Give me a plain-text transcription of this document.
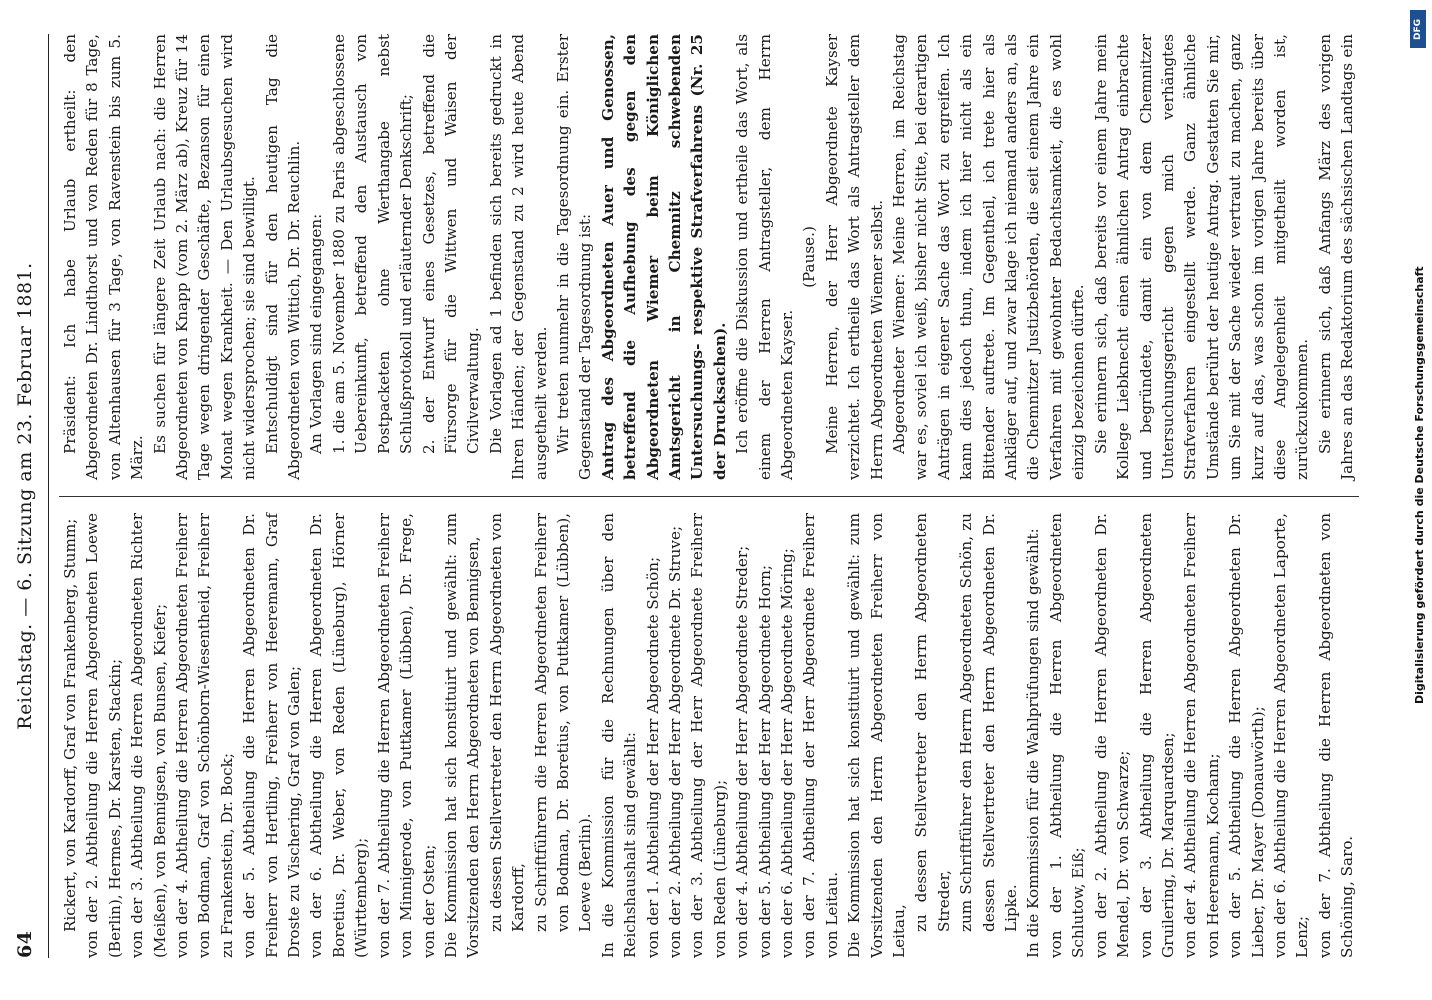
64
Reichstag. — 6. Sitzung am 23. Februar 1881. Rickert, von Kardorff, Graf von Frankenberg, Stumm; von der 2. Abtheilung die Herren Abgeordneten Loewe (Berlin), Hermes, Dr. Karsten, Stackin; von der 3. Abtheilung die Herren Abgeordneten Richter (Meißen), von Bennigsen, von Bunsen, Kiefer; von der 4. Abtheilung die Herren Abgeordneten Freiherr von Bodman, Graf von Schönborn-Wiesentheid, Freiherr zu Frankenstein, Dr. Bock; von der 5. Abtheilung die Herren Abgeordneten Dr. Freiherr von Hertling, Freiherr von Heeremann, Graf Droste zu Vischering, Graf von Galen; von der 6. Abtheilung die Herren Abgeordneten Dr. Boretius, Dr. Weber, von Reden (Lüneburg), Hörner (Württemberg); von der 7. Abtheilung die Herren Abgeordneten Freiherr von Minnigerode, von Puttkamer (Lübben), Dr. Frege, von der Osten; Die Kommission hat sich konstituirt und gewählt: zum Vorsitzenden den Herrn Abgeordneten von Bennigsen, zu dessen Stellvertreter den Herrn Abgeordneten von Kardorff, zu Schriftführern die Herren Abgeordneten Freiherr von Bodman, Dr. Boretius, von Puttkamer (Lübben), Loewe (Berlin). In die Kommission für die Rechnungen über den Reichshaushalt sind gewählt: von der 1. Abtheilung der Herr Abgeordnete Schön; von der 2. Abtheilung der Herr Abgeordnete Dr. Struve; von der 3. Abtheilung der Herr Abgeordnete Freiherr von Reden (Lüneburg); von der 4. Abtheilung der Herr Abgeordnete Streder; von der 5. Abtheilung der Herr Abgeordnete Horn; von der 6. Abtheilung der Herr Abgeordnete Möring; von der 7. Abtheilung der Herr Abgeordnete Freiherr von Leitau. Die Kommission hat sich konstituirt und gewählt: zum Vorsitzenden den Herrn Abgeordneten Freiherr von Leitau, zu dessen Stellvertreter den Herrn Abgeordneten Streder, zum Schriftführer den Herrn Abgeordneten Schön, zu dessen Stellvertreter den Herrn Abgeordneten Dr. Lipke. In die Kommission für die Wahlprüfungen sind gewählt: von der 1. Abtheilung die Herren Abgeordneten Schlutow, Eiß; von der 2. Abtheilung die Herren Abgeordneten Dr. Mendel, Dr. von Schwarze; von der 3. Abtheilung die Herren Abgeordneten Gruilering, Dr. Marquardsen; von der 4. Abtheilung die Herren Abgeordneten Freiherr von Heeremann, Kochann; von der 5. Abtheilung die Herren Abgeordneten Dr. Lieber, Dr. Mayer (Donauwörth); von der 6. Abtheilung die Herren Abgeordneten Laporte, Lenz; von der 7. Abtheilung die Herren Abgeordneten von Schöning, Saro.

Präsident: Ich habe Urlaub ertheilt: den Abgeordneten Dr. Lindthorst und von Reden für 8 Tage, von Altenhausen für 3 Tage, von Ravenstein bis zum 5. März.

Es suchen für längere Zeit Urlaub nach: die Herren Abgeordneten von Knapp (vom 2. März ab), Kreuz für 14 Tage wegen dringender Geschäfte, Bezanson für einen Monat wegen Krankheit. — Den Urlaubsgesuchen wird nicht widersprochen; sie sind bewilligt. Entschuldigt sind für den heutigen Tag die Abgeordneten von Wittich, Dr. Dr. Reuchlin. An Vorlagen sind eingegangen: 1. die am 5. November 1880 zu Paris abgeschlossene Uebereinkunft, betreffend den Austausch von Postpacketen ohne Werthangabe nebst Schlußprotokoll und erläuternder Denkschrift; 2. der Entwurf eines Gesetzes, betreffend die Fürsorge für die Wittwen und Waisen der Civilverwaltung. Die Vorlagen ad 1 befinden sich bereits gedruckt in Ihren Händen; der Gegenstand zu 2 wird heute Abend ausgetheilt werden. Wir treten nunmehr in die Tagesordnung ein. Erster Gegenstand der Tagesordnung ist: Antrag des Abgeordneten Auer und Genossen, betreffend die Aufhebung des gegen den Abgeordneten Wiemer beim Königlichen Amtsgericht in Chemnitz schwebenden Untersuchungs- respektive Strafverfahrens (Nr. 25 der Drucksachen). Ich eröffne die Diskussion und ertheile das Wort, als einem der Herren Antragsteller, dem Herrn Abgeordneten Kayser.

(Pause.) Meine Herren, der Herr Abgeordnete Kayser verzichtet. Ich ertheile das Wort als Antragsteller dem Herrn Abgeordneten Wiemer selbst. Abgeordneter Wiemer: Meine Herren, im Reichstag war es, soviel ich weiß, bisher nicht Sitte, bei derartigen Anträgen in eigener Sache das Wort zu ergreifen. Ich kann dies jedoch thun, indem ich hier nicht als ein Bittender auftrete. Im Gegentheil, ich trete hier als Ankläger auf, und zwar klage ich niemand anders an, als die Chemnitzer Justizbehörden, die seit einem Jahre ein Verfahren mit gewohnter Bedachtsamkeit, die es wohl einzig bezeichnen dürfte. Sie erinnern sich, daß bereits vor einem Jahre mein Kollege Liebknecht einen ähnlichen Antrag einbrachte und begründete, damit ein von dem Chemnitzer Untersuchungsgericht gegen mich verhängtes Strafverfahren eingestellt werde. Ganz ähnliche Umstände berührt der heutige Antrag. Gestatten Sie mir, um Sie mit der Sache wieder vertraut zu machen, ganz kurz auf das, was schon im vorigen Jahre bereits über diese Angelegenheit mitgetheilt worden ist, zurückzukommen. Sie erinnern sich, daß Anfangs März des vorigen Jahres an das Redaktorium des sächsischen Landtags ein

DFG
Digitalisierung gefördert durch die Deutsche Forschungsgemeinschaft
